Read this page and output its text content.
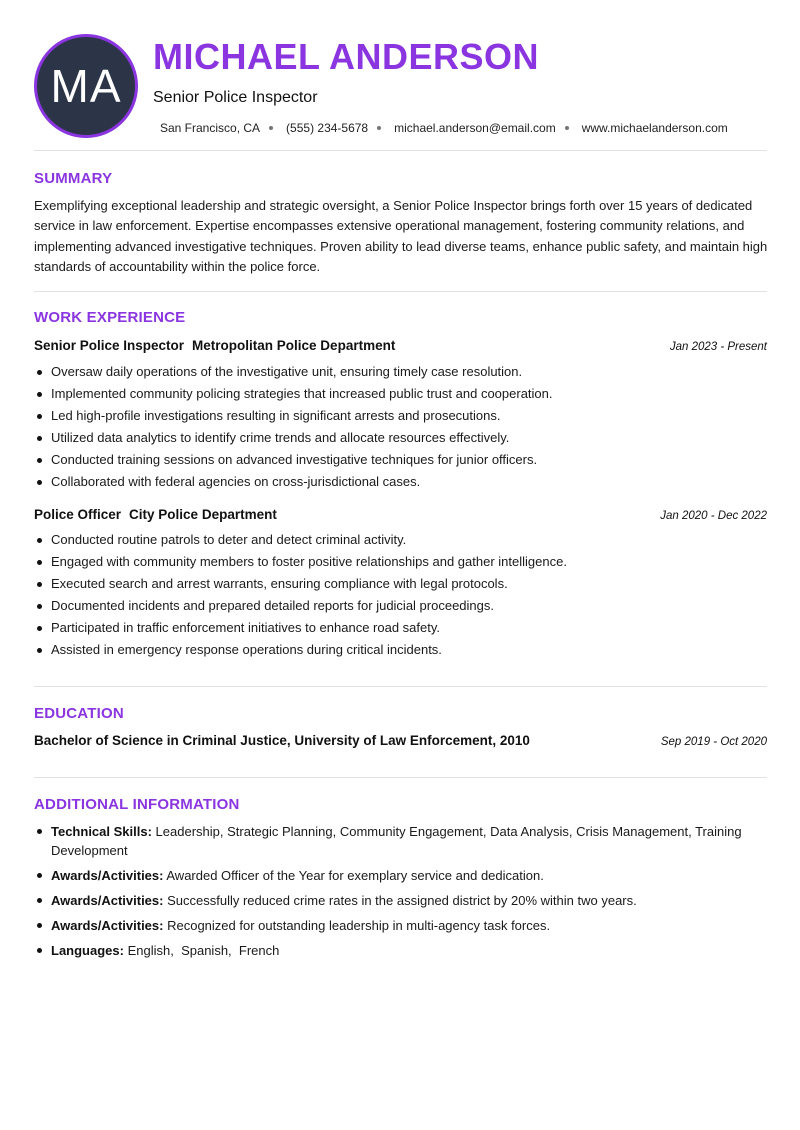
MA
MICHAEL ANDERSON
Senior Police Inspector
San Francisco, CA (555) 234-5678 michael.anderson@email.com www.michaelanderson.com
SUMMARY

Exemplifying exceptional leadership and strategic oversight, a Senior Police Inspector brings forth over 15 years of dedicated service in law enforcement. Expertise encompasses extensive operational management, fostering community relations, and implementing advanced investigative techniques. Proven ability to lead diverse teams, enhance public safety, and maintain high standards of accountability within the police force.

WORK EXPERIENCE
Senior Police Inspector Metropolitan Police Department	Jan 2023 - Present
Oversaw daily operations of the investigative unit, ensuring timely case resolution.
Implemented community policing strategies that increased public trust and cooperation.
Led high-profile investigations resulting in significant arrests and prosecutions.
Utilized data analytics to identify crime trends and allocate resources effectively.
Conducted training sessions on advanced investigative techniques for junior officers.
Collaborated with federal agencies on cross-jurisdictional cases.
Police Officer City Police Department	Jan 2020 - Dec 2022
Conducted routine patrols to deter and detect criminal activity.
Engaged with community members to foster positive relationships and gather intelligence.
Executed search and arrest warrants, ensuring compliance with legal protocols.
Documented incidents and prepared detailed reports for judicial proceedings.
Participated in traffic enforcement initiatives to enhance road safety.
Assisted in emergency response operations during critical incidents.
EDUCATION
Bachelor of Science in Criminal Justice, University of Law Enforcement, 2010	Sep 2019 - Oct 2020
ADDITIONAL INFORMATION
Technical Skills: Leadership, Strategic Planning, Community Engagement, Data Analysis, Crisis Management, Training Development
Awards/Activities: Awarded Officer of the Year for exemplary service and dedication.
Awards/Activities: Successfully reduced crime rates in the assigned district by 20% within two years.
Awards/Activities: Recognized for outstanding leadership in multi-agency task forces.
Languages: English,  Spanish,  French
